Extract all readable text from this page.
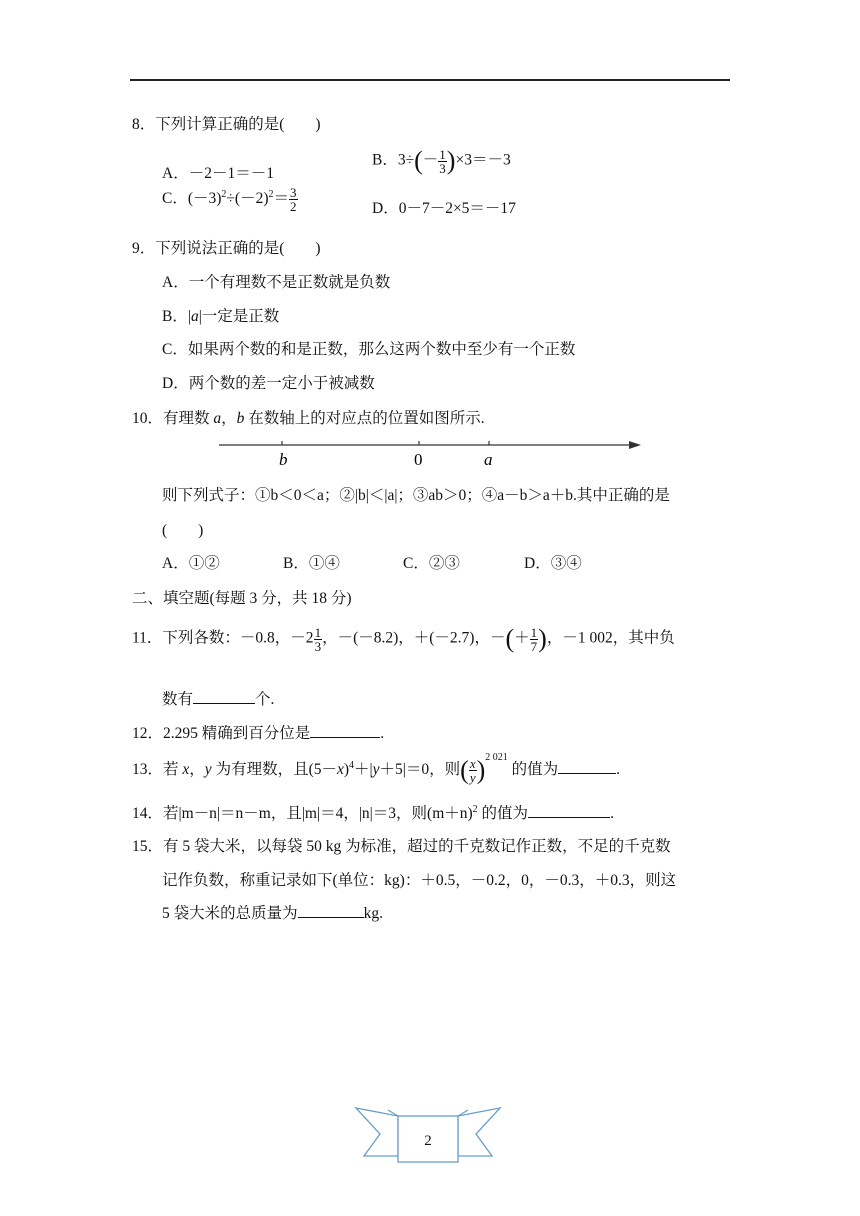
8．下列计算正确的是(　　)
A．－2－1＝－1
B．$3\div(- \frac{1}{3} )\times 3=-3$
C．$(-3)^2\div(-2)^2= \frac{3}{2}$	D．0－7－2×5＝－17
9．下列说法正确的是(　　)
A．一个有理数不是正数就是负数
B．|a|一定是正数
C．如果两个数的和是正数，那么这两个数中至少有一个正数
D．两个数的差一定小于被减数
10．有理数 a，b 在数轴上的对应点的位置如图所示.
b	0	a
则下列式子：①b＜0＜a；②|b|＜|a|；③ab＞0；④a－b＞a＋b.其中正确的是
(　　)
A．①②	B．①④	C．②③	D．③④
二、填空题(每题 3 分，共 18 分)
11．下列各数：－0.8，$-2 \frac{1}{3}$ ，－(－8.2)，＋(－2.7)，－(＋ $\frac{1}{7}$ )，－1 002，其中负
数有	个.
12．2.295 精确到百分位是	.
13．若 x，y 为有理数，且$(5-x)^4+|y+5|=0$，则( $\frac{x}{y} )^{2 021}$ 的值为	.
14．若|m－n|＝n－m，且|m|＝4，|n|＝3，则$(m+n)^2$ 的值为	.
15．有 5 袋大米，以每袋 50 kg 为标准，超过的千克数记作正数，不足的千克数
记作负数，称重记录如下(单位：kg)：＋0.5，－0.2，0，－0.3，＋0.3，则这
5 袋大米的总质量为	kg.
2
